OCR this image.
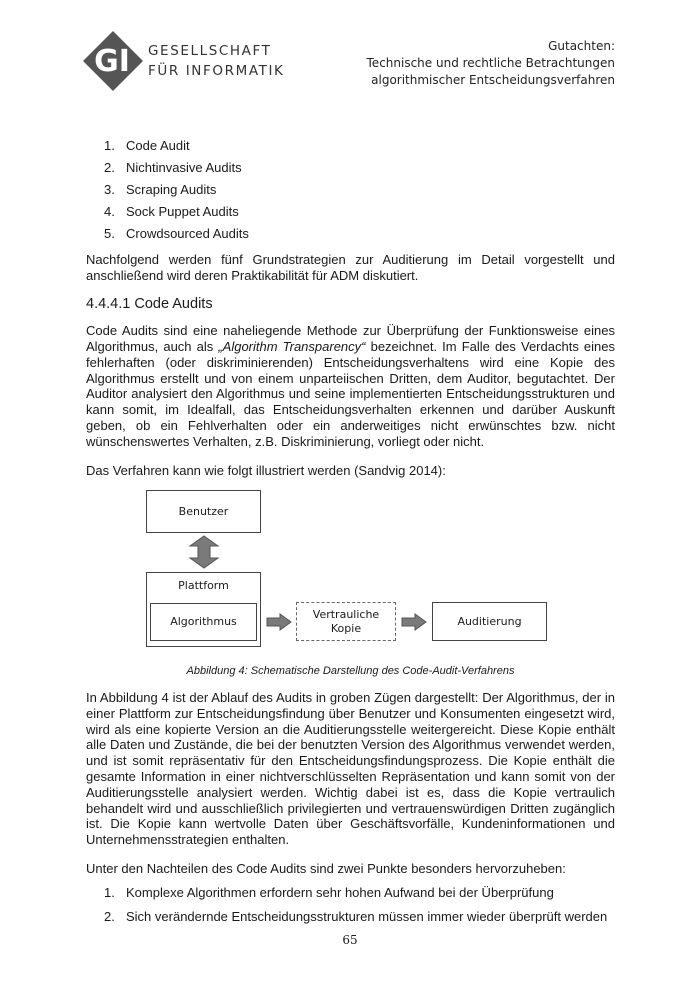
GI GESELLSCHAFT
FÜR INFORMATIK
Gutachten:
Technische und rechtliche Betrachtungen
algorithmischer Entscheidungsverfahren
1. Code Audit
2. Nichtinvasive Audits
3. Scraping Audits
4. Sock Puppet Audits
5. Crowdsourced Audits

Nachfolgend werden fünf Grundstrategien zur Auditierung im Detail vorgestellt und anschließend wird deren Praktikabilität für ADM diskutiert.

4.4.4.1 Code Audits

Code Audits sind eine naheliegende Methode zur Überprüfung der Funktionsweise eines Algorithmus, auch als „Algorithm Transparency“ bezeichnet. Im Falle des Verdachts eines fehlerhaften (oder diskriminierenden) Entscheidungsverhaltens wird eine Kopie des Algorithmus erstellt und von einem unparteiischen Dritten, dem Auditor, begutachtet. Der Auditor analysiert den Algorithmus und seine implementierten Entscheidungsstrukturen und kann somit, im Idealfall, das Entscheidungsverhalten erkennen und darüber Auskunft geben, ob ein Fehlverhalten oder ein anderweitiges nicht erwünschtes bzw. nicht wünschenswertes Verhalten, z.B. Diskriminierung, vorliegt oder nicht.

Das Verfahren kann wie folgt illustriert werden (Sandvig 2014):

Benutzer
Plattform
Algorithmus
Vertrauliche
Kopie
Auditierung
Abbildung 4: Schematische Darstellung des Code-Audit-Verfahrens

In Abbildung 4 ist der Ablauf des Audits in groben Zügen dargestellt: Der Algorithmus, der in einer Plattform zur Entscheidungsfindung über Benutzer und Konsumenten eingesetzt wird, wird als eine kopierte Version an die Auditierungsstelle weitergereicht. Diese Kopie enthält alle Daten und Zustände, die bei der benutzten Version des Algorithmus verwendet werden, und ist somit repräsentativ für den Entscheidungsfindungsprozess. Die Kopie enthält die gesamte Information in einer nichtverschlüsselten Repräsentation und kann somit von der Auditierungsstelle analysiert werden. Wichtig dabei ist es, dass die Kopie vertraulich behandelt wird und ausschließlich privilegierten und vertrauenswürdigen Dritten zugänglich ist. Die Kopie kann wertvolle Daten über Geschäftsvorfälle, Kundeninformationen und Unternehmensstrategien enthalten.

Unter den Nachteilen des Code Audits sind zwei Punkte besonders hervorzuheben:

1. Komplexe Algorithmen erfordern sehr hohen Aufwand bei der Überprüfung
2. Sich verändernde Entscheidungsstrukturen müssen immer wieder überprüft werden
65
